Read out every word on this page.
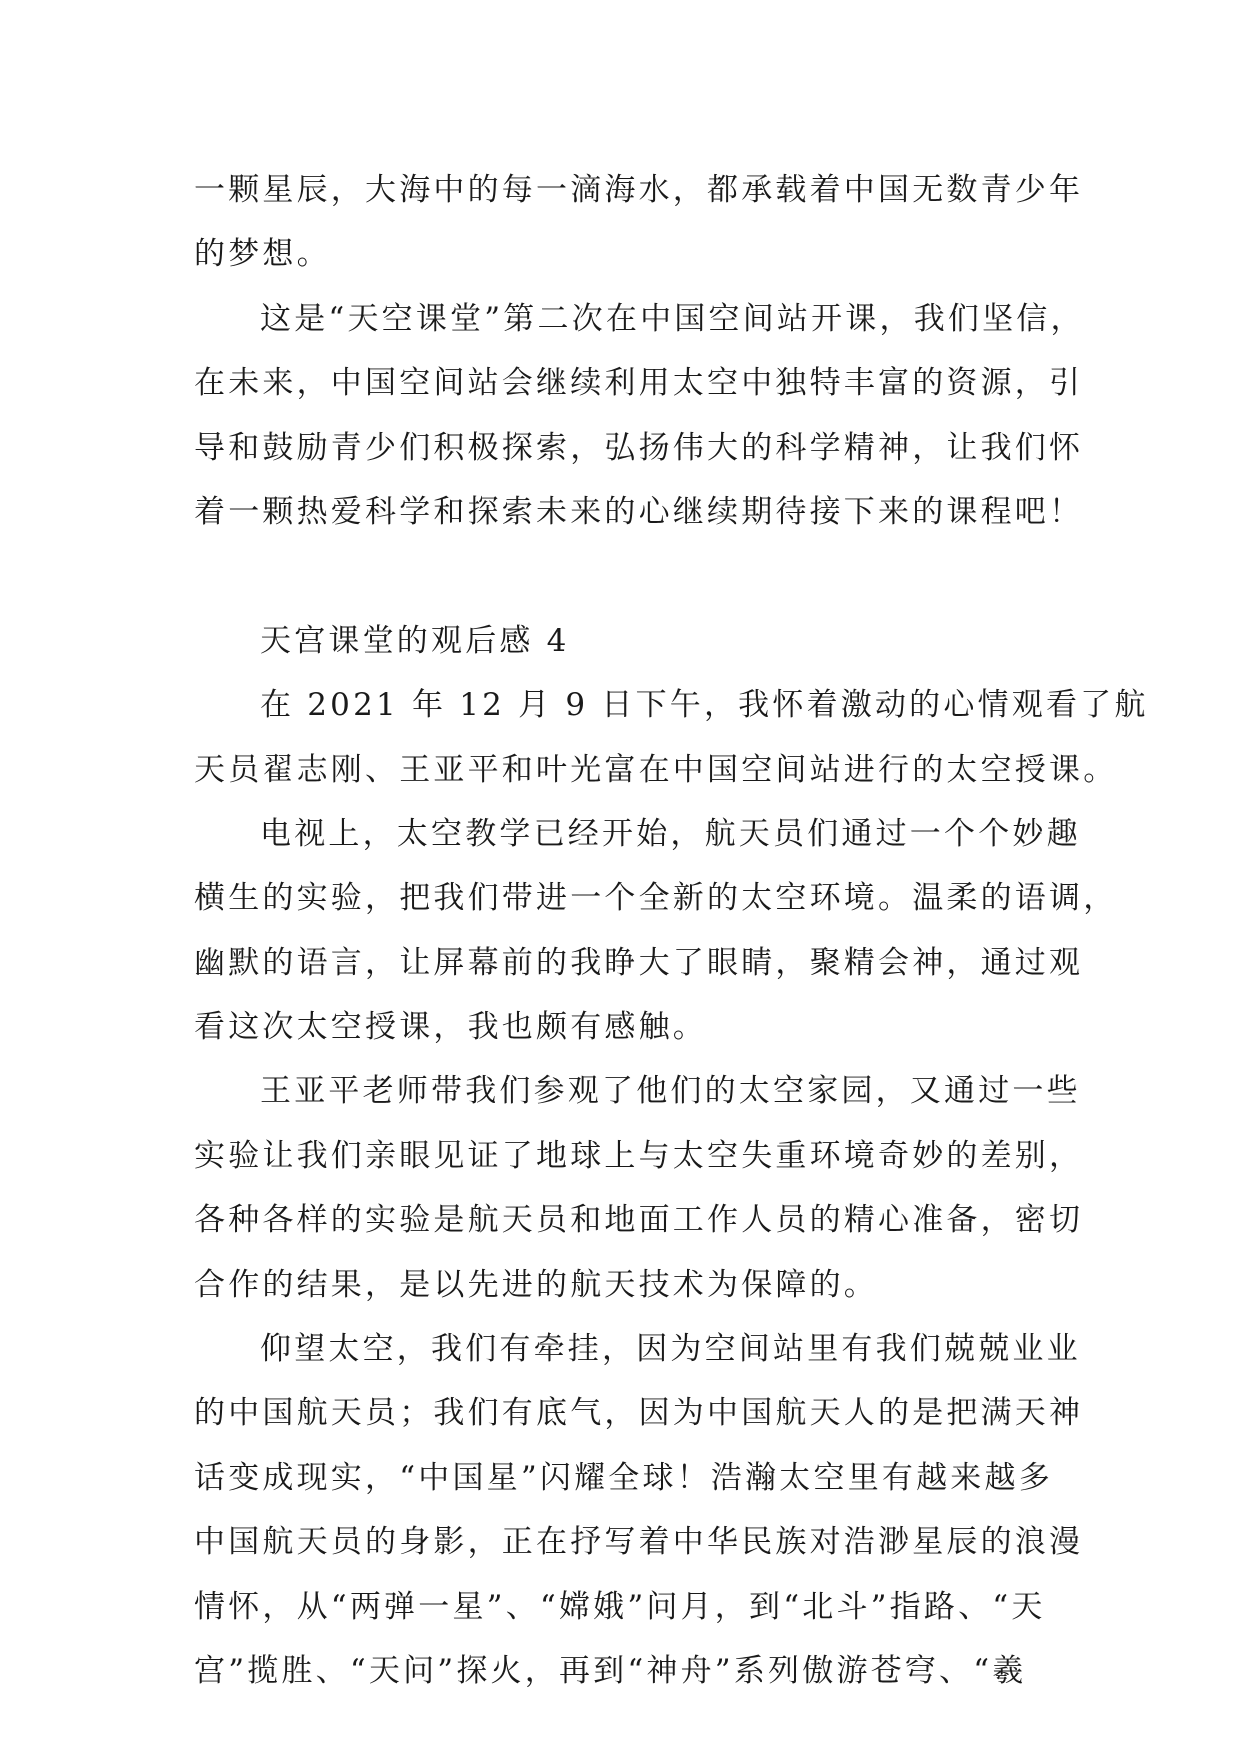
一颗星辰，大海中的每一滴海水，都承载着中国无数青少年
的梦想。
这是“天空课堂”第二次在中国空间站开课，我们坚信，
在未来，中国空间站会继续利用太空中独特丰富的资源，引
导和鼓励青少们积极探索，弘扬伟大的科学精神，让我们怀
着一颗热爱科学和探索未来的心继续期待接下来的课程吧！
天宫课堂的观后感 4
在 2021 年 12 月 9 日下午，我怀着激动的心情观看了航
天员翟志刚、王亚平和叶光富在中国空间站进行的太空授课。
电视上，太空教学已经开始，航天员们通过一个个妙趣
横生的实验，把我们带进一个全新的太空环境。温柔的语调，
幽默的语言，让屏幕前的我睁大了眼睛，聚精会神，通过观
看这次太空授课，我也颇有感触。
王亚平老师带我们参观了他们的太空家园，又通过一些
实验让我们亲眼见证了地球上与太空失重环境奇妙的差别，
各种各样的实验是航天员和地面工作人员的精心准备，密切
合作的结果，是以先进的航天技术为保障的。
仰望太空，我们有牵挂，因为空间站里有我们兢兢业业
的中国航天员；我们有底气，因为中国航天人的是把满天神
话变成现实，“中国星”闪耀全球！浩瀚太空里有越来越多
中国航天员的身影，正在抒写着中华民族对浩渺星辰的浪漫
情怀，从“两弹一星”、“嫦娥”问月，到“北斗”指路、“天
宫”揽胜、“天问”探火，再到“神舟”系列傲游苍穹、“羲
